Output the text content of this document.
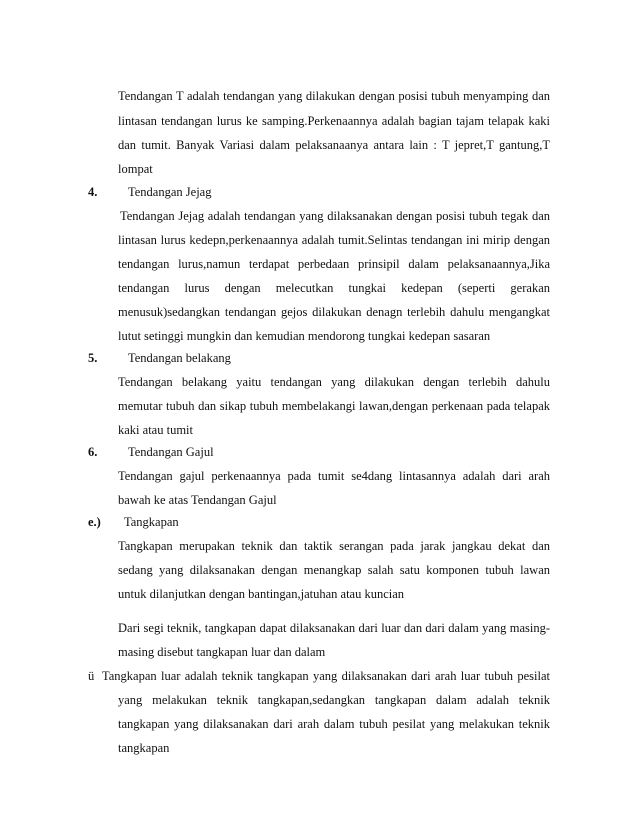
Tendangan T adalah tendangan yang dilakukan dengan posisi tubuh menyamping dan
lintasan tendangan lurus ke samping.Perkenaannya adalah bagian tajam telapak kaki
dan tumit. Banyak Variasi dalam pelaksanaanya antara lain : T jepret,T gantung,T
lompat
4. Tendangan Jejag
Tendangan Jejag adalah tendangan yang dilaksanakan dengan posisi tubuh tegak dan
lintasan lurus kedepn,perkenaannya adalah tumit.Selintas tendangan ini mirip dengan
tendangan lurus,namun terdapat perbedaan prinsipil dalam pelaksanaannya,Jika
tendangan lurus dengan melecutkan tungkai kedepan (seperti gerakan
menusuk)sedangkan tendangan gejos dilakukan denagn terlebih dahulu mengangkat
lutut setinggi mungkin dan kemudian mendorong tungkai kedepan sasaran
5. Tendangan belakang
Tendangan belakang yaitu tendangan yang dilakukan dengan terlebih dahulu
memutar tubuh dan sikap tubuh membelakangi lawan,dengan perkenaan pada telapak
kaki atau tumit
6. Tendangan Gajul
Tendangan gajul perkenaannya pada tumit se4dang lintasannya adalah dari arah
bawah ke atas Tendangan Gajul
e.) Tangkapan
Tangkapan merupakan teknik dan taktik serangan pada jarak jangkau dekat dan
sedang yang dilaksanakan dengan menangkap salah satu komponen tubuh lawan
untuk dilanjutkan dengan bantingan,jatuhan atau kuncian
Dari segi teknik, tangkapan dapat dilaksanakan dari luar dan dari dalam yang masing-
masing disebut tangkapan luar dan dalam
ü Tangkapan luar adalah teknik tangkapan yang dilaksanakan dari arah luar tubuh pesilat
yang melakukan teknik tangkapan,sedangkan tangkapan dalam adalah teknik
tangkapan yang dilaksanakan dari arah dalam tubuh pesilat yang melakukan teknik
tangkapan
